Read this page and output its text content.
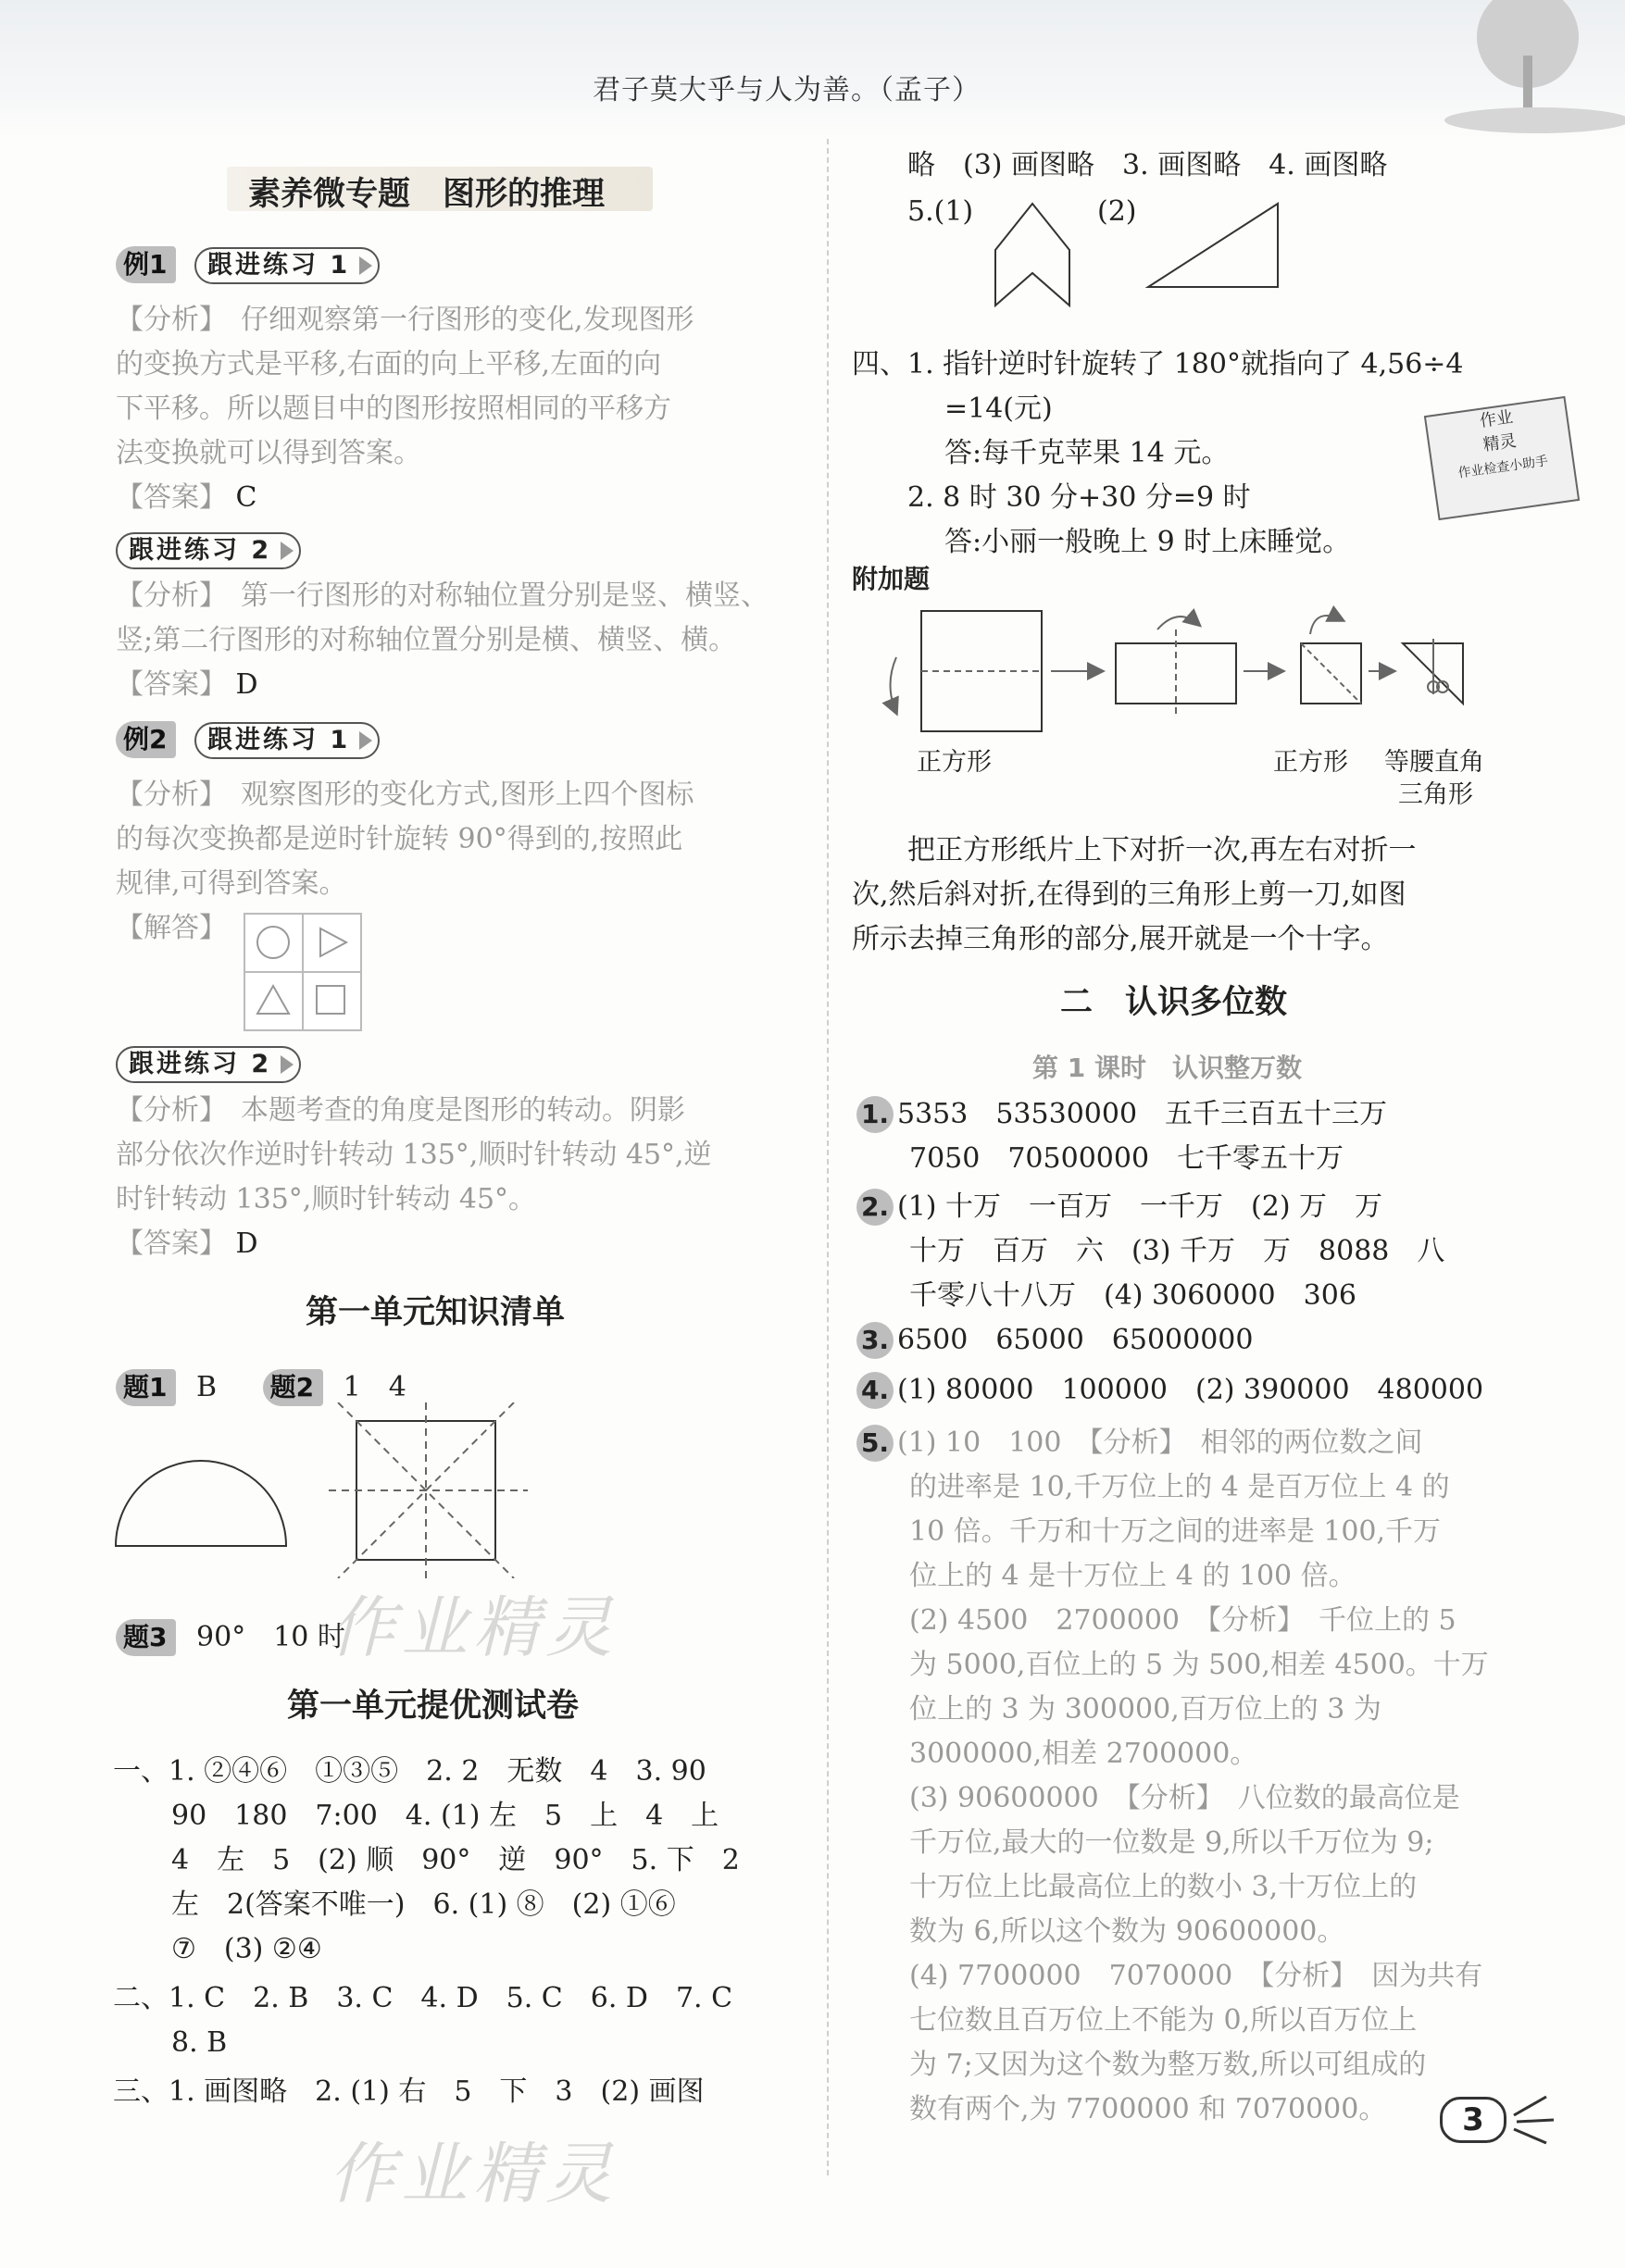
君子莫大乎与人为善。（孟子）
素养微专题　图形的推理
例1 跟进练习 1
【分析】　仔细观察第一行图形的变化,发现图形
的变换方式是平移,右面的向上平移,左面的向
下平移。所以题目中的图形按照相同的平移方
法变换就可以得到答案。
【答案】 C
跟进练习 2
【分析】　第一行图形的对称轴位置分别是竖、横竖、
竖;第二行图形的对称轴位置分别是横、横竖、横。
【答案】 D
例2 跟进练习 1
【分析】　观察图形的变化方式,图形上四个图标
的每次变换都是逆时针旋转 90°得到的,按照此
规律,可得到答案。
【解答】
跟进练习 2
【分析】　本题考查的角度是图形的转动。阴影
部分依次作逆时针转动 135°,顺时针转动 45°,逆
时针转动 135°,顺时针转动 45°。
【答案】 D
第一单元知识清单
题1 B 题2 1　4
作业精灵
题3 90°　10 时
第一单元提优测试卷
一、1. ②④⑥　①③⑤　2. 2　无数　4　3. 90
90　180　7:00　4. (1) 左　5　上　4　上
4　左　5　(2) 顺　90°　逆　90°　5. 下　2
左　2(答案不唯一)　6. (1) ⑧　(2) ①⑥
⑦　(3) ②④
二、1. C　2. B　3. C　4. D　5. C　6. D　7. C
8. B
三、1. 画图略　2. (1) 右　5　下　3　(2) 画图
作业精灵
略　(3) 画图略　3. 画图略　4. 画图略
5.(1)	(2)
四、1. 指针逆时针旋转了 180°就指向了 4,56÷4
=14(元)
答:每千克苹果 14 元。
2. 8 时 30 分+30 分=9 时
答:小丽一般晚上 9 时上床睡觉。
作业
精灵
作业检查小助手
附加题
正方形	正方形 等腰直角
三角形
　　把正方形纸片上下对折一次,再左右对折一
次,然后斜对折,在得到的三角形上剪一刀,如图
所示去掉三角形的部分,展开就是一个十字。
二　认识多位数
第 1 课时　认识整万数
1. 5353　53530000　五千三百五十三万
7050　70500000　七千零五十万
2. (1) 十万　一百万　一千万　(2) 万　万
十万　百万　六　(3) 千万　万　8088　八
千零八十八万　(4) 3060000　306
3. 6500　65000　65000000
4. (1) 80000　100000　(2) 390000　480000
5. (1) 10　100　【分析】　相邻的两位数之间
的进率是 10,千万位上的 4 是百万位上 4 的
10 倍。千万和十万之间的进率是 100,千万
位上的 4 是十万位上 4 的 100 倍。
(2) 4500　2700000　【分析】　千位上的 5
为 5000,百位上的 5 为 500,相差 4500。十万
位上的 3 为 300000,百万位上的 3 为
3000000,相差 2700000。
(3) 90600000　【分析】　八位数的最高位是
千万位,最大的一位数是 9,所以千万位为 9;
十万位上比最高位上的数小 3,十万位上的
数为 6,所以这个数为 90600000。
(4) 7700000　7070000　【分析】　因为共有
七位数且百万位上不能为 0,所以百万位上
为 7;又因为这个数为整万数,所以可组成的
数有两个,为 7700000 和 7070000。	3
